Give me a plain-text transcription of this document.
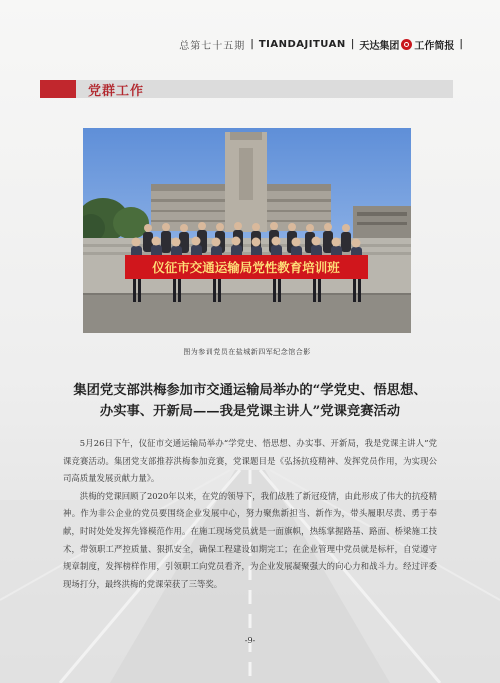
总第七十五期 | TIANDAJITUAN | 天达集团 工作简报 |
党群工作
仪征市交通运输局党性教育培训班
图为参训党员在盐城新四军纪念馆合影
集团党支部洪梅参加市交通运输局举办的“学党史、悟思想、
办实事、开新局——我是党课主讲人”党课竞赛活动

5月26日下午，仪征市交通运输局举办“学党史、悟思想、办实事、开新局，我是党课主讲人”党课竞赛活动。集团党支部推荐洪梅参加竞赛，党课题目是《弘扬抗疫精神、发挥党员作用，为实现公司高质量发展贡献力量》。

洪梅的党课回顾了2020年以来，在党的领导下，我们战胜了新冠疫情，由此形成了伟大的抗疫精神。作为非公企业的党员要围绕企业发展中心，努力聚焦新担当、新作为，带头履职尽责、勇于奉献，时时处处发挥先锋模范作用。在施工现场党员就是一面旗帜，热练掌握路基、路面、桥梁施工技术，带领职工严控质量、狠抓安全，确保工程建设如期完工；在企业管理中党员就是标杆，自觉遵守规章制度，发挥榜样作用，引领职工向党员看齐，为企业发展凝聚强大的向心力和战斗力。经过评委现场打分，最终洪梅的党课荣获了三等奖。

-9-
